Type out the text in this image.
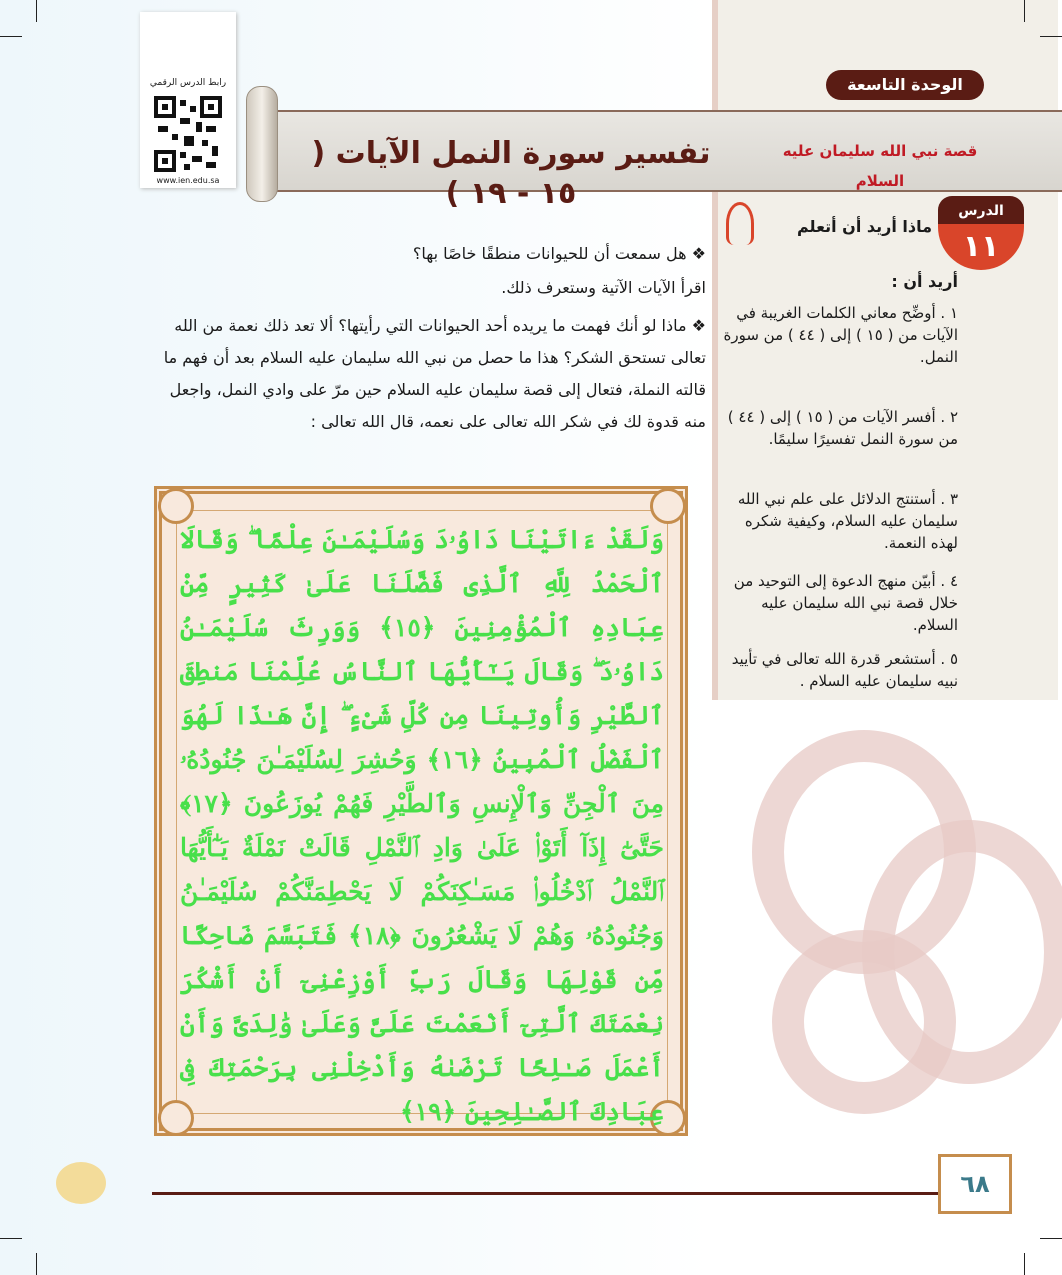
الوحدة التاسعة
تفسير سورة النمل الآيات ( ١٥ - ١٩ )
قصة نبي الله سليمان عليه السلام
رابط الدرس الرقمي
www.ien.edu.sa
الدرس
١١
ماذا أريد أن أتعلم
أريد أن :
١ . أوضِّح معاني الكلمات الغريبة في الآيات من ( ١٥ ) إلى ( ٤٤ ) من سورة النمل.
٢ . أفسر الآيات من ( ١٥ ) إلى ( ٤٤ ) من سورة النمل تفسيرًا سليمًا.
٣ . أستنتج الدلائل على علم نبي الله سليمان عليه السلام، وكيفية شكره لهذه النعمة.
٤ . أبيّن منهج الدعوة إلى التوحيد من خلال قصة نبي الله سليمان عليه السلام.
٥ . أستشعر قدرة الله تعالى في تأييد نبيه سليمان عليه السلام .
❖ هل سمعت أن للحيوانات منطقًا خاصًا بها؟
اقرأ الآيات الآتية وستعرف ذلك.
❖ ماذا لو أنك فهمت ما يريده أحد الحيوانات التي رأيتها؟ ألا تعد ذلك نعمة من الله تعالى تستحق الشكر؟ هذا ما حصل من نبي الله سليمان عليه السلام بعد أن فهم ما قالته النملة، فتعال إلى قصة سليمان عليه السلام حين مرّ على وادي النمل، واجعل منه قدوة لك في شكر الله تعالى على نعمه، قال الله تعالى :
وَلَقَدْ ءَاتَيْنَا دَاوُۥدَ وَسُلَيْمَـٰنَ عِلْمًا ۖ وَقَالَا ٱلْحَمْدُ لِلَّهِ ٱلَّذِى فَضَّلَنَا عَلَىٰ كَثِيرٍ مِّنْ عِبَادِهِ ٱلْمُؤْمِنِينَ ﴿١٥﴾ وَوَرِثَ سُلَيْمَـٰنُ دَاوُۥدَ ۖ وَقَالَ يَـٰٓأَيُّهَا ٱلنَّاسُ عُلِّمْنَا مَنطِقَ ٱلطَّيْرِ وَأُوتِينَا مِن كُلِّ شَىْءٍ ۖ إِنَّ هَـٰذَا لَهُوَ ٱلْفَضْلُ ٱلْمُبِينُ ﴿١٦﴾ وَحُشِرَ لِسُلَيْمَـٰنَ جُنُودُهُۥ مِنَ ٱلْجِنِّ وَٱلْإِنسِ وَٱلطَّيْرِ فَهُمْ يُوزَعُونَ ﴿١٧﴾ حَتَّىٰٓ إِذَآ أَتَوْا۟ عَلَىٰ وَادِ ٱلنَّمْلِ قَالَتْ نَمْلَةٌ يَـٰٓأَيُّهَا ٱلنَّمْلُ ٱدْخُلُوا۟ مَسَـٰكِنَكُمْ لَا يَحْطِمَنَّكُمْ سُلَيْمَـٰنُ وَجُنُودُهُۥ وَهُمْ لَا يَشْعُرُونَ ﴿١٨﴾ فَتَبَسَّمَ ضَاحِكًا مِّن قَوْلِهَا وَقَالَ رَبِّ أَوْزِعْنِىٓ أَنْ أَشْكُرَ نِعْمَتَكَ ٱلَّتِىٓ أَنْعَمْتَ عَلَىَّ وَعَلَىٰ وَٰلِدَىَّ وَأَنْ أَعْمَلَ صَـٰلِحًا تَرْضَىٰهُ وَأَدْخِلْنِى بِرَحْمَتِكَ فِى عِبَادِكَ ٱلصَّـٰلِحِينَ ﴿١٩﴾
٦٨
